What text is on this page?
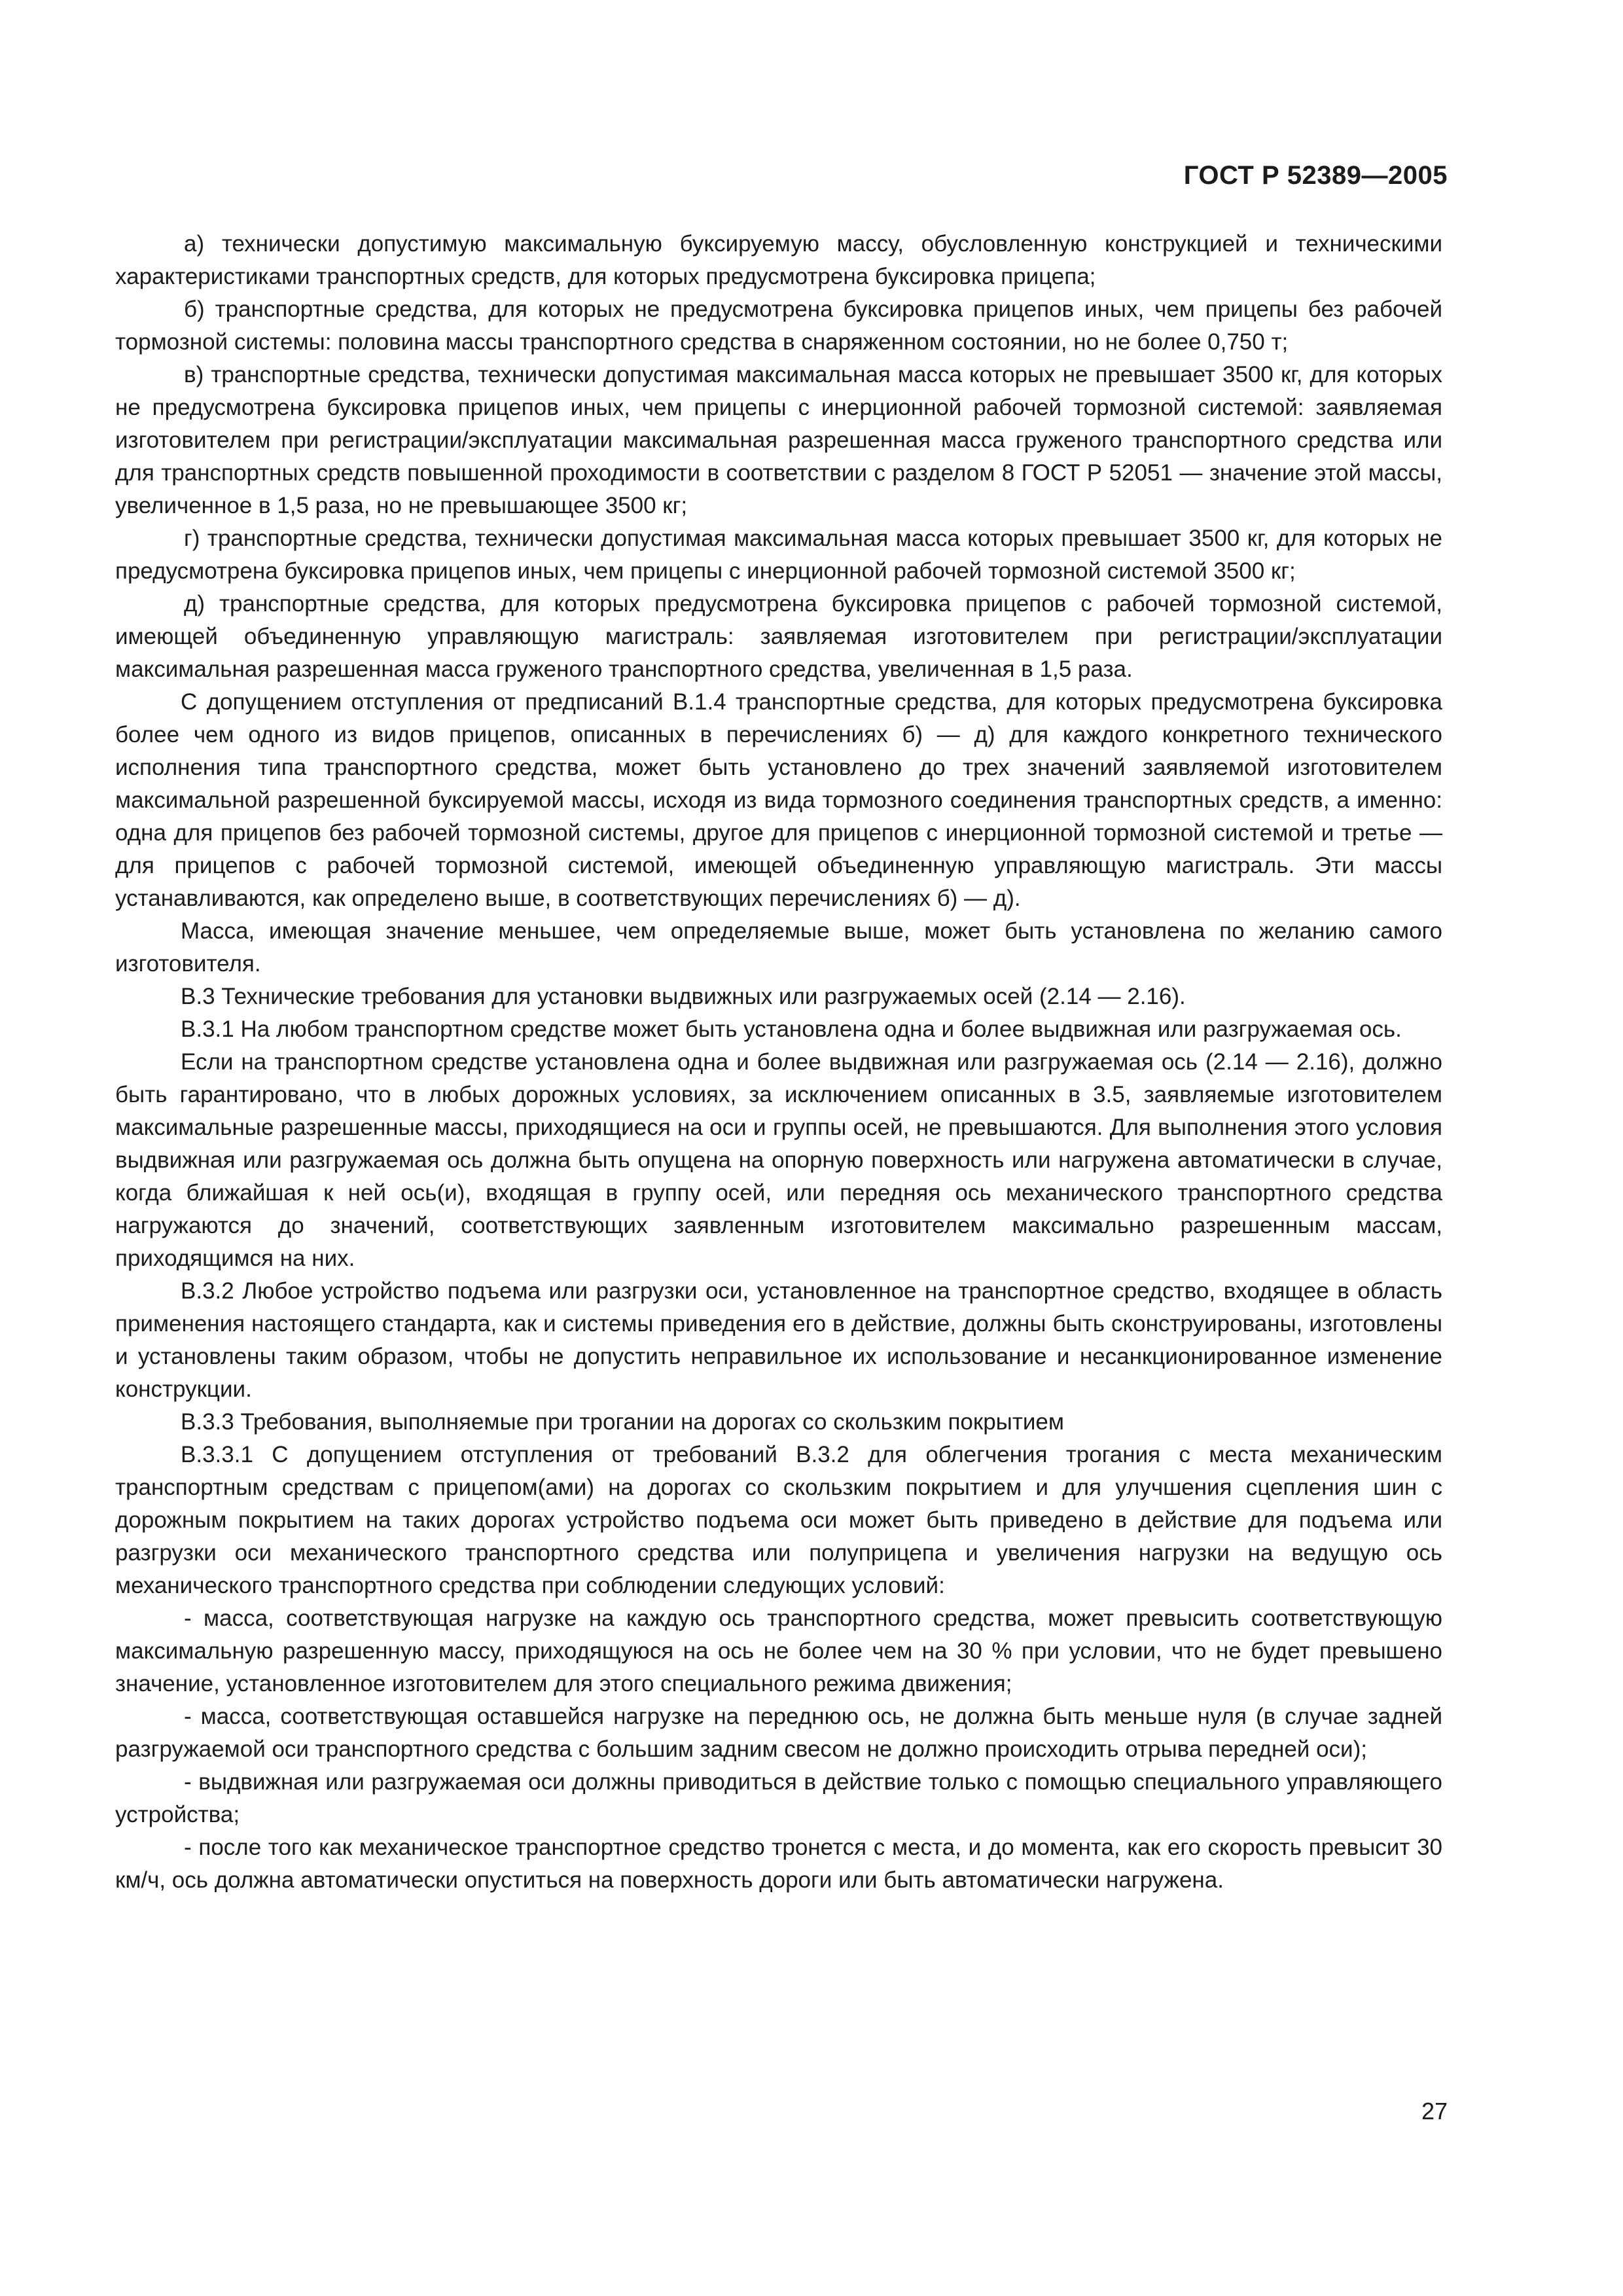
ГОСТ Р 52389—2005

а) технически допустимую максимальную буксируемую массу, обусловленную конструкцией и техническими характеристиками транспортных средств, для которых предусмотрена буксировка прицепа;

б) транспортные средства, для которых не предусмотрена буксировка прицепов иных, чем прицепы без рабочей тормозной системы: половина массы транспортного средства в снаряженном состоянии, но не более 0,750 т;

в) транспортные средства, технически допустимая максимальная масса которых не превышает 3500 кг, для которых не предусмотрена буксировка прицепов иных, чем прицепы с инерционной рабочей тормозной системой: заявляемая изготовителем при регистрации/эксплуатации максимальная разрешенная масса груженого транспортного средства или для транспортных средств повышенной проходимости в соответствии с разделом 8 ГОСТ Р 52051 — значение этой массы, увеличенное в 1,5 раза, но не превышающее 3500 кг;

г) транспортные средства, технически допустимая максимальная масса которых превышает 3500 кг, для которых не предусмотрена буксировка прицепов иных, чем прицепы с инерционной рабочей тормозной системой 3500 кг;

д) транспортные средства, для которых предусмотрена буксировка прицепов с рабочей тормозной системой, имеющей объединенную управляющую магистраль: заявляемая изготовителем при регистрации/эксплуатации максимальная разрешенная масса груженого транспортного средства, увеличенная в 1,5 раза.

С допущением отступления от предписаний В.1.4 транспортные средства, для которых предусмотрена буксировка более чем одного из видов прицепов, описанных в перечислениях б) — д) для каждого конкретного технического исполнения типа транспортного средства, может быть установлено до трех значений заявляемой изготовителем максимальной разрешенной буксируемой массы, исходя из вида тормозного соединения транспортных средств, а именно: одна для прицепов без рабочей тормозной системы, другое для прицепов с инерционной тормозной системой и третье — для прицепов с рабочей тормозной системой, имеющей объединенную управляющую магистраль. Эти массы устанавливаются, как определено выше, в соответствующих перечислениях б) — д).

Масса, имеющая значение меньшее, чем определяемые выше, может быть установлена по желанию самого изготовителя.

В.3 Технические требования для установки выдвижных или разгружаемых осей (2.14 — 2.16).

В.3.1 На любом транспортном средстве может быть установлена одна и более выдвижная или разгружаемая ось.

Если на транспортном средстве установлена одна и более выдвижная или разгружаемая ось (2.14 — 2.16), должно быть гарантировано, что в любых дорожных условиях, за исключением описанных в 3.5, заявляемые изготовителем максимальные разрешенные массы, приходящиеся на оси и группы осей, не превышаются. Для выполнения этого условия выдвижная или разгружаемая ось должна быть опущена на опорную поверхность или нагружена автоматически в случае, когда ближайшая к ней ось(и), входящая в группу осей, или передняя ось механического транспортного средства нагружаются до значений, соответствующих заявленным изготовителем максимально разрешенным массам, приходящимся на них.

В.3.2 Любое устройство подъема или разгрузки оси, установленное на транспортное средство, входящее в область применения настоящего стандарта, как и системы приведения его в действие, должны быть сконструированы, изготовлены и установлены таким образом, чтобы не допустить неправильное их использование и несанкционированное изменение конструкции.

В.3.3 Требования, выполняемые при трогании на дорогах со скользким покрытием

В.3.3.1 С допущением отступления от требований В.3.2 для облегчения трогания с места механическим транспортным средствам с прицепом(ами) на дорогах со скользким покрытием и для улучшения сцепления шин с дорожным покрытием на таких дорогах устройство подъема оси может быть приведено в действие для подъема или разгрузки оси механического транспортного средства или полуприцепа и увеличения нагрузки на ведущую ось механического транспортного средства при соблюдении следующих условий:

- масса, соответствующая нагрузке на каждую ось транспортного средства, может превысить соответствующую максимальную разрешенную массу, приходящуюся на ось не более чем на 30 % при условии, что не будет превышено значение, установленное изготовителем для этого специального режима движения;

- масса, соответствующая оставшейся нагрузке на переднюю ось, не должна быть меньше нуля (в случае задней разгружаемой оси транспортного средства с большим задним свесом не должно происходить отрыва передней оси);

- выдвижная или разгружаемая оси должны приводиться в действие только с помощью специального управляющего устройства;

- после того как механическое транспортное средство тронется с места, и до момента, как его скорость превысит 30 км/ч, ось должна автоматически опуститься на поверхность дороги или быть автоматически нагружена.

27
